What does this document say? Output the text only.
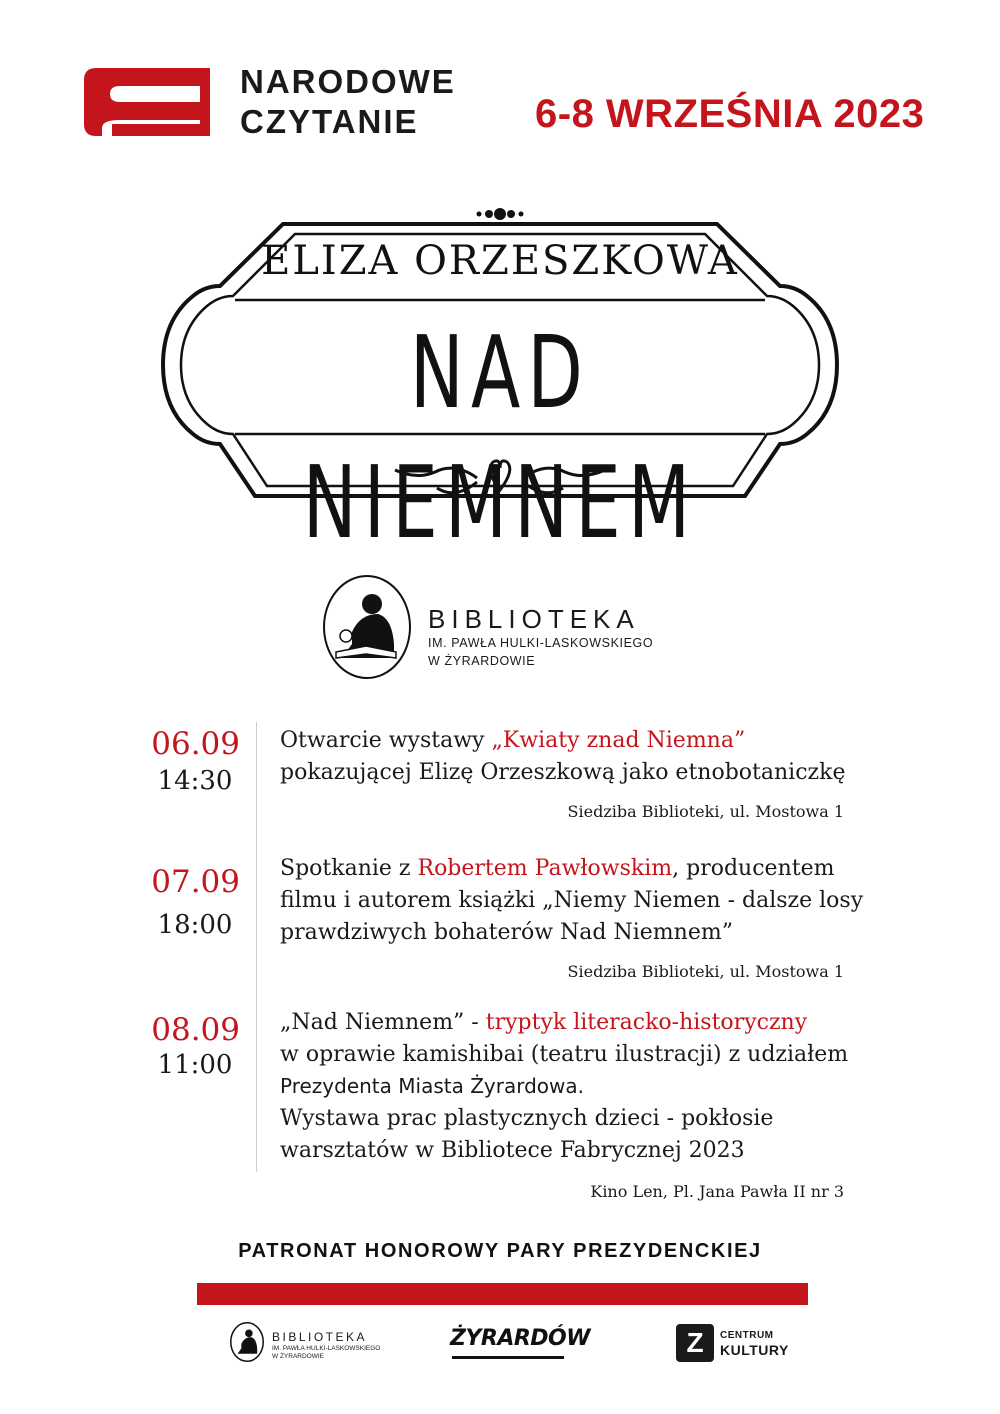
NARODOWE
CZYTANIE	6-8 WRZEŚNIA 2023
ELIZA ORZESZKOWA
NAD NIEMNEM
BIBLIOTEKA
IM. PAWŁA HULKI-LASKOWSKIEGO
W ŻYRARDOWIE
06.09
14:30
Otwarcie wystawy „Kwiaty znad Niemna”
pokazującej Elizę Orzeszkową jako etnobotaniczkę
Siedziba Biblioteki, ul. Mostowa 1
07.09
18:00
Spotkanie z Robertem Pawłowskim, producentem
filmu i autorem książki „Niemy Niemen - dalsze losy
prawdziwych bohaterów Nad Niemnem”
Siedziba Biblioteki, ul. Mostowa 1
08.09
11:00
„Nad Niemnem” - tryptyk literacko-historyczny
w oprawie kamishibai (teatru ilustracji) z udziałem
Prezydenta Miasta Żyrardowa.
Wystawa prac plastycznych dzieci - pokłosie
warsztatów w Bibliotece Fabrycznej 2023
Kino Len, Pl. Jana Pawła II nr 3
PATRONAT HONOROWY PARY PREZYDENCKIEJ
BIBLIOTEKA
IM. PAWŁA HULKI-LASKOWSKIEGO
W ŻYRARDOWIE
ŻYRARDÓW	Z	CENTRUM
KULTURY
